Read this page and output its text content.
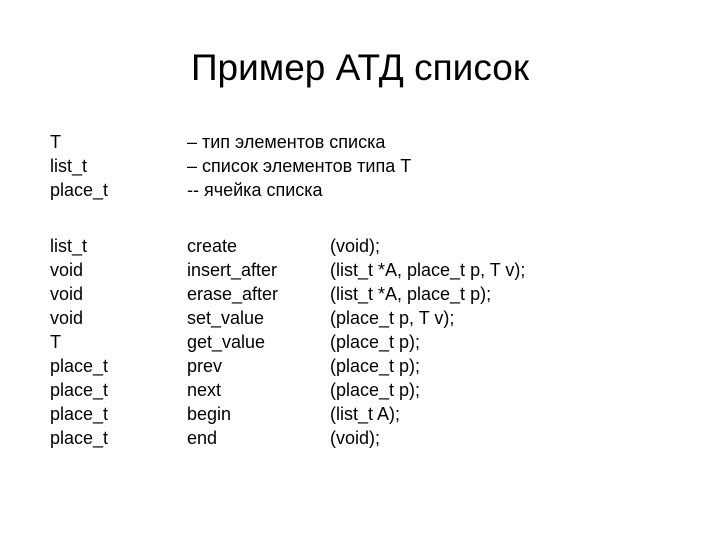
Пример АТД список
T
list_t
place_t
– тип элементов списка
– список элементов типа T
-- ячейка списка
list_t
void
void
void
T
place_t
place_t
place_t
place_t
create
insert_after
erase_after
set_value
get_value
prev
next
begin
end
(void);
(list_t *A, place_t p, T v);
(list_t *A, place_t p);
(place_t p, T v);
(place_t p);
(place_t p);
(place_t p);
(list_t A);
(void);
